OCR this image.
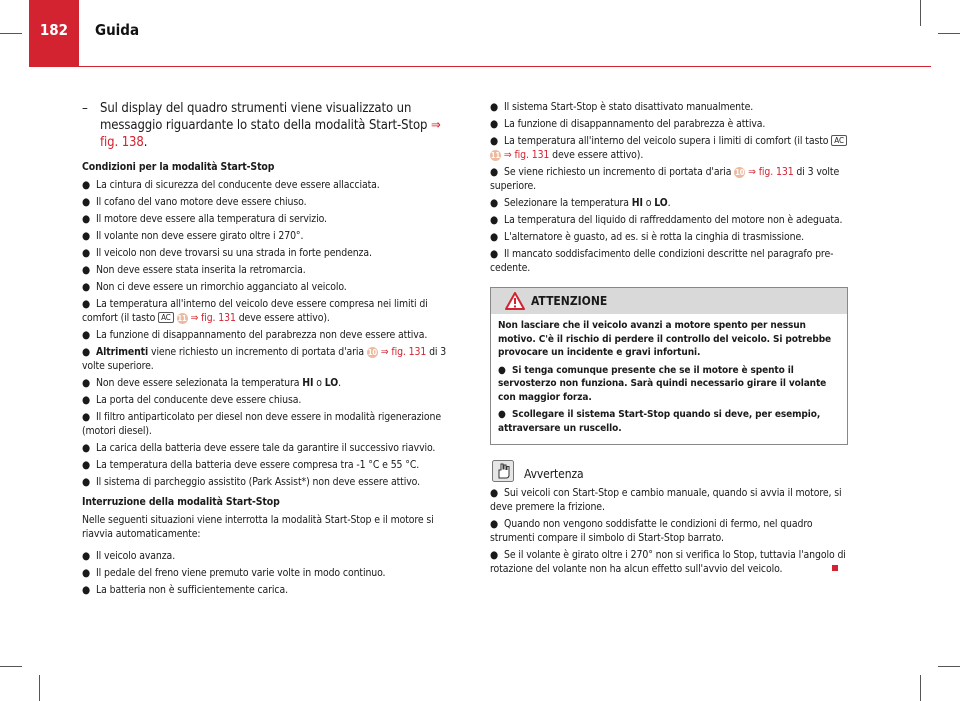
182	Guida

– Sul display del quadro strumenti viene visualizzato un messaggio riguardante lo stato della modalità Start-Stop ⇒ fig. 138.

Condizioni per la modalità Start-Stop

● La cintura di sicurezza del conducente deve essere allacciata.

● Il cofano del vano motore deve essere chiuso.

● Il motore deve essere alla temperatura di servizio.

● Il volante non deve essere girato oltre i 270°.

● Il veicolo non deve trovarsi su una strada in forte pendenza.

● Non deve essere stata inserita la retromarcia.

● Non ci deve essere un rimorchio agganciato al veicolo.

● La temperatura all'interno del veicolo deve essere compresa nei limiti di comfort (il tasto AC 11 ⇒ fig. 131 deve essere attivo).

● La funzione di disappannamento del parabrezza non deve essere attiva.

● Altrimenti viene richiesto un incremento di portata d'aria 10 ⇒ fig. 131 di 3 volte superiore.

● Non deve essere selezionata la temperatura HI o LO.

● La porta del conducente deve essere chiusa.

● Il filtro antiparticolato per diesel non deve essere in modalità rigenerazione (motori diesel).

● La carica della batteria deve essere tale da garantire il successivo riavvio.

● La temperatura della batteria deve essere compresa tra -1 °C e 55 °C.

● Il sistema di parcheggio assistito (Park Assist*) non deve essere attivo.

Interruzione della modalità Start-Stop

Nelle seguenti situazioni viene interrotta la modalità Start-Stop e il motore si riavvia automaticamente:

● Il veicolo avanza.

● Il pedale del freno viene premuto varie volte in modo continuo.

● La batteria non è sufficientemente carica.

● Il sistema Start-Stop è stato disattivato manualmente.

● La funzione di disappannamento del parabrezza è attiva.

● La temperatura all'interno del veicolo supera i limiti di comfort (il tasto AC 11 ⇒ fig. 131 deve essere attivo).

● Se viene richiesto un incremento di portata d'aria 10 ⇒ fig. 131 di 3 volte superiore.

● Selezionare la temperatura HI o LO.

● La temperatura del liquido di raffreddamento del motore non è adeguata.

● L'alternatore è guasto, ad es. si è rotta la cinghia di trasmissione.

● Il mancato soddisfacimento delle condizioni descritte nel paragrafo precedente.

ATTENZIONE

Non lasciare che il veicolo avanzi a motore spento per nessun motivo. C'è il rischio di perdere il controllo del veicolo. Si potrebbe provocare un incidente e gravi infortuni.

● Si tenga comunque presente che se il motore è spento il servosterzo non funziona. Sarà quindi necessario girare il volante con maggior forza.

● Scollegare il sistema Start-Stop quando si deve, per esempio, attraversare un ruscello.

Avvertenza

● Sui veicoli con Start-Stop e cambio manuale, quando si avvia il motore, si deve premere la frizione.

● Quando non vengono soddisfatte le condizioni di fermo, nel quadro strumenti compare il simbolo di Start-Stop barrato.

● Se il volante è girato oltre i 270° non si verifica lo Stop, tuttavia l'angolo di rotazione del volante non ha alcun effetto sull'avvio del veicolo.
